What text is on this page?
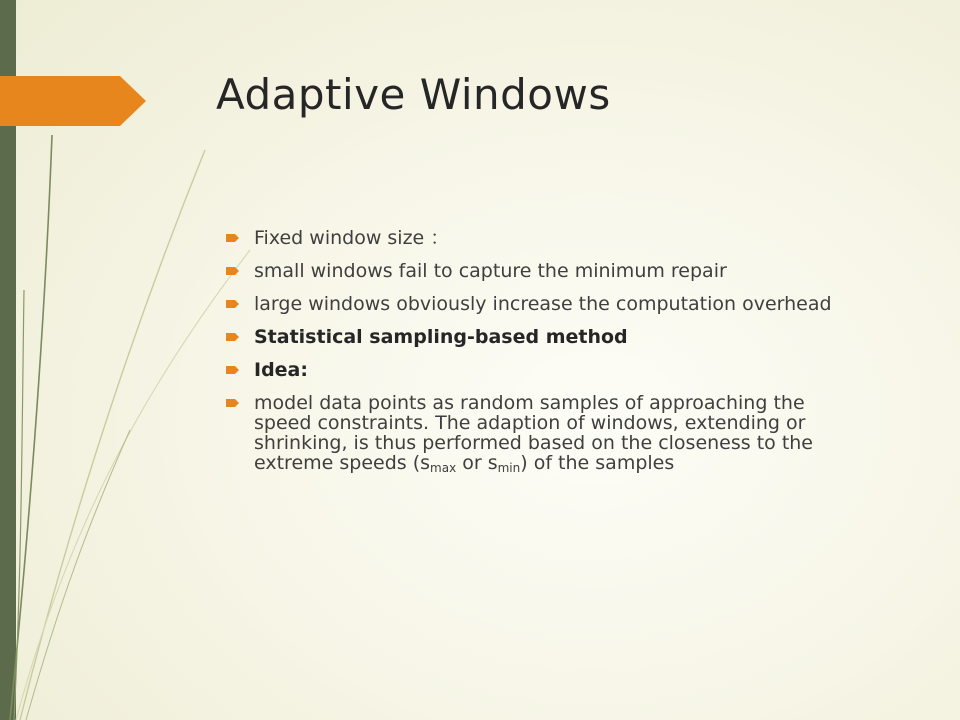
Adaptive Windows
Fixed window size ：
small windows fail to capture the minimum repair
large windows obviously increase the computation overhead
Statistical sampling-based method
Idea:
model data points as random samples of approaching the speed constraints. The adaption of windows, extending or shrinking, is thus performed based on the closeness to the extreme speeds ($s_{max}$ or $s_{min}$) of the samples
